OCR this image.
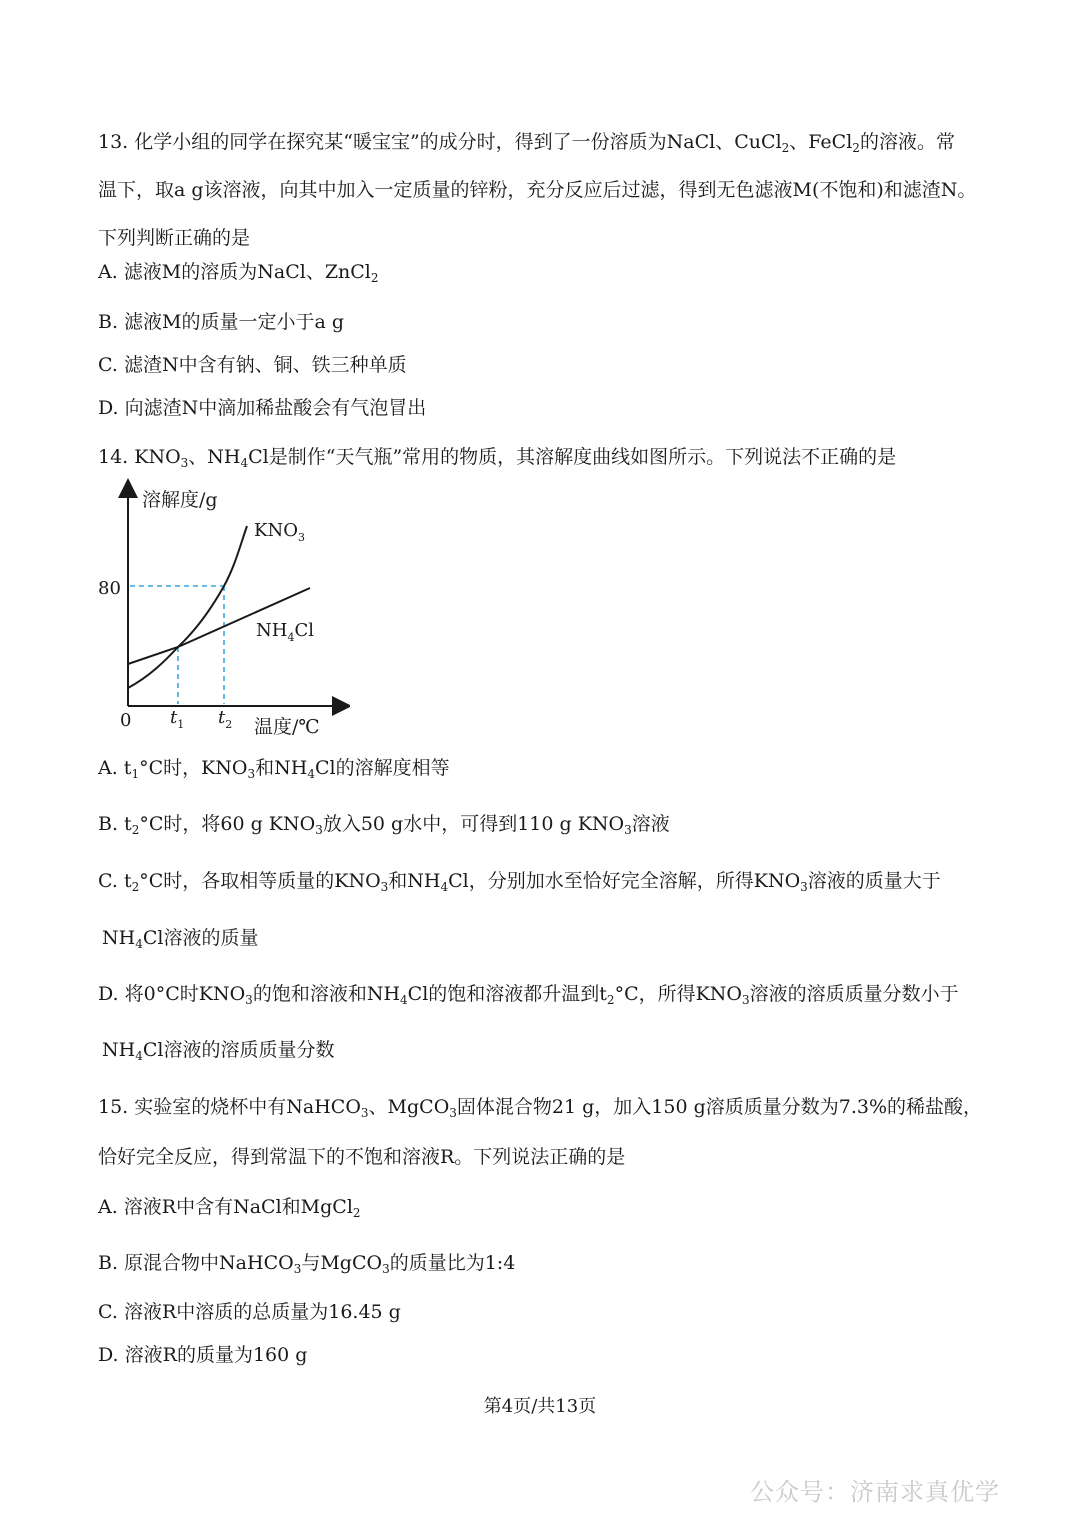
13. 化学小组的同学在探究某“暖宝宝”的成分时，得到了一份溶质为NaCl、CuCl$_2$、FeCl$_2$的溶液。常
温下，取a g该溶液，向其中加入一定质量的锌粉，充分反应后过滤，得到无色滤液M(不饱和)和滤渣N。
下列判断正确的是
A. 滤液M的溶质为NaCl、ZnCl$_2$
B. 滤液M的质量一定小于a g
C. 滤渣N中含有钠、铜、铁三种单质
D. 向滤渣N中滴加稀盐酸会有气泡冒出
14. $KNO_3$、$NH_4Cl$是制作“天气瓶”常用的物质，其溶解度曲线如图所示。下列说法不正确的是
溶解度/g
温度/℃
0
80
$KNO_3$
$NH_4Cl$
$t_1$ $t_2$
A. $t_1^\circ C$时，$KNO_3$和$NH_4Cl$的溶解度相等
B. $t_2^\circ C$时，将60 g $KNO_3$放入50 g水中，可得到110 g $KNO_3$溶液
C. $t_2^\circ C$时，各取相等质量的$KNO_3$和$NH_4Cl$，分别加水至恰好完全溶解，所得$KNO_3$溶液的质量大于
$NH_4Cl$溶液的质量
D. 将0°C时$KNO_3$的饱和溶液和$NH_4Cl$的饱和溶液都升温到$t_2^\circ C$，所得$KNO_3$溶液的溶质质量分数小于
$NH_4Cl$溶液的溶质质量分数
15. 实验室的烧杯中有NaHCO$_3$、MgCO$_3$固体混合物21 g，加入150 g溶质质量分数为7.3%的稀盐酸，
恰好完全反应，得到常温下的不饱和溶液R。下列说法正确的是
A. 溶液R中含有NaCl和MgCl$_2$
B. 原混合物中NaHCO$_3$与MgCO$_3$的质量比为1:4
C. 溶液R中溶质的总质量为16.45 g
D. 溶液R的质量为160 g
第4页/共13页
公众号：济南求真优学
